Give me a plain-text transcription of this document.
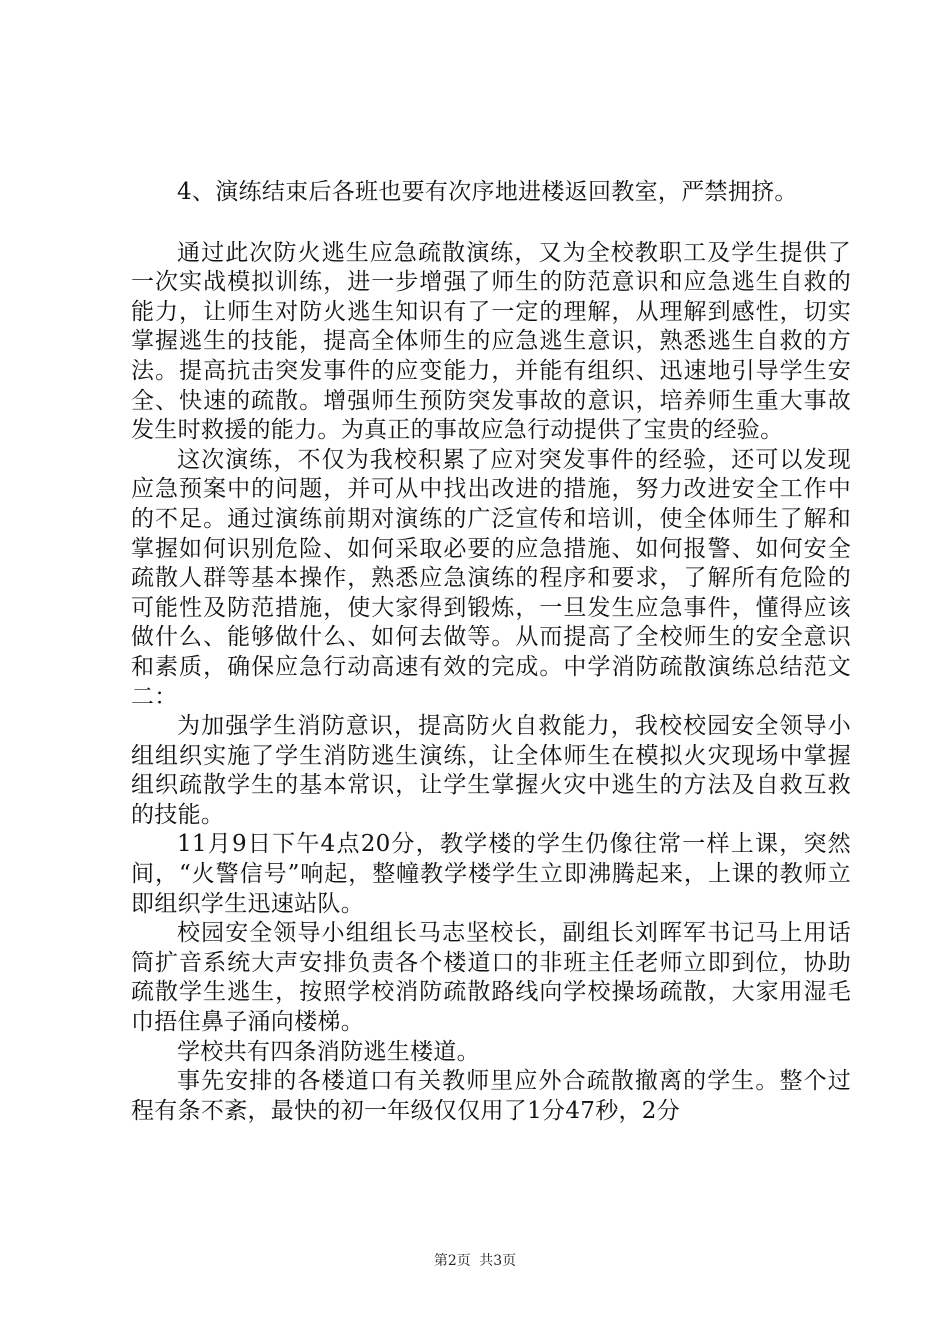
4、演练结束后各班也要有次序地进楼返回教室，严禁拥挤。

通过此次防火逃生应急疏散演练，又为全校教职工及学生提供了一次实战模拟训练，进一步增强了师生的防范意识和应急逃生自救的能力，让师生对防火逃生知识有了一定的理解，从理解到感性，切实掌握逃生的技能，提高全体师生的应急逃生意识，熟悉逃生自救的方法。提高抗击突发事件的应变能力，并能有组织、迅速地引导学生安全、快速的疏散。增强师生预防突发事故的意识，培养师生重大事故发生时救援的能力。为真正的事故应急行动提供了宝贵的经验。

这次演练，不仅为我校积累了应对突发事件的经验，还可以发现应急预案中的问题，并可从中找出改进的措施，努力改进安全工作中的不足。通过演练前期对演练的广泛宣传和培训，使全体师生了解和掌握如何识别危险、如何采取必要的应急措施、如何报警、如何安全疏散人群等基本操作，熟悉应急演练的程序和要求，了解所有危险的可能性及防范措施，使大家得到锻炼，一旦发生应急事件，懂得应该做什么、能够做什么、如何去做等。从而提高了全校师生的安全意识和素质，确保应急行动高速有效的完成。中学消防疏散演练总结范文二：

为加强学生消防意识，提高防火自救能力，我校校园安全领导小组组织实施了学生消防逃生演练，让全体师生在模拟火灾现场中掌握组织疏散学生的基本常识，让学生掌握火灾中逃生的方法及自救互救的技能。

11月9日下午4点20分，教学楼的学生仍像往常一样上课，突然间，“火警信号”响起，整幢教学楼学生立即沸腾起来，上课的教师立即组织学生迅速站队。

校园安全领导小组组长马志坚校长，副组长刘晖军书记马上用话筒扩音系统大声安排负责各个楼道口的非班主任老师立即到位，协助疏散学生逃生，按照学校消防疏散路线向学校操场疏散，大家用湿毛巾捂住鼻子涌向楼梯。

学校共有四条消防逃生楼道。

事先安排的各楼道口有关教师里应外合疏散撤离的学生。整个过程有条不紊，最快的初一年级仅仅用了1分47秒，2分

第2页 共3页
